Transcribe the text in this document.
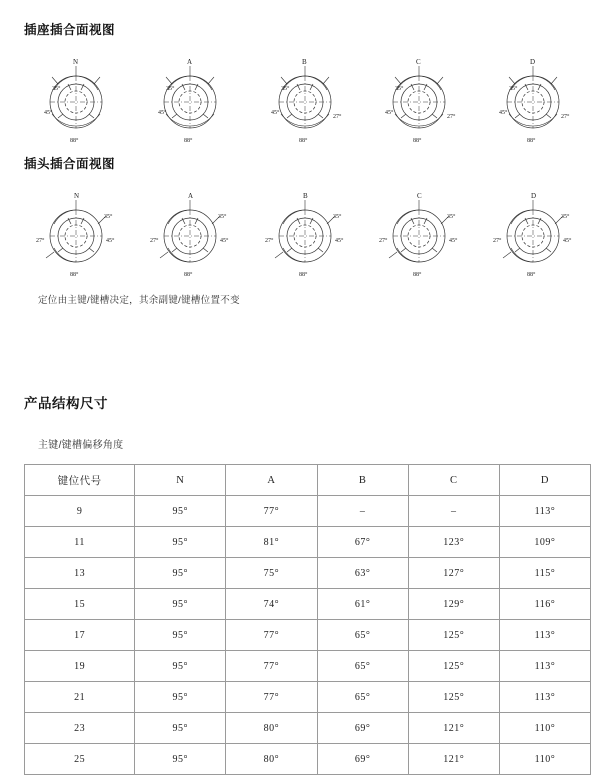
插座插合面视图
N
35°
45°
88°
A
35°
45°
88°
B
35°
45°
27°
88°
C
35°
45°
27°
88°
D
35°
45°
27°
88°
插头插合面视图
N
35°
27°	45°
88°
A
35°
27°	45°
88°
B
35°
27°	45°
88°
C
35°
27°	45°
88°
D
35°
27°	45°
88°
定位由主键/键槽决定，其余副键/键槽位置不变
产品结构尺寸
主键/键槽偏移角度
键位代号	N	A	B	C	D
9	95°	77°	–	–	113°
11	95°	81°	67°	123°	109°
13	95°	75°	63°	127°	115°
15	95°	74°	61°	129°	116°
17	95°	77°	65°	125°	113°
19	95°	77°	65°	125°	113°
21	95°	77°	65°	125°	113°
23	95°	80°	69°	121°	110°
25	95°	80°	69°	121°	110°
